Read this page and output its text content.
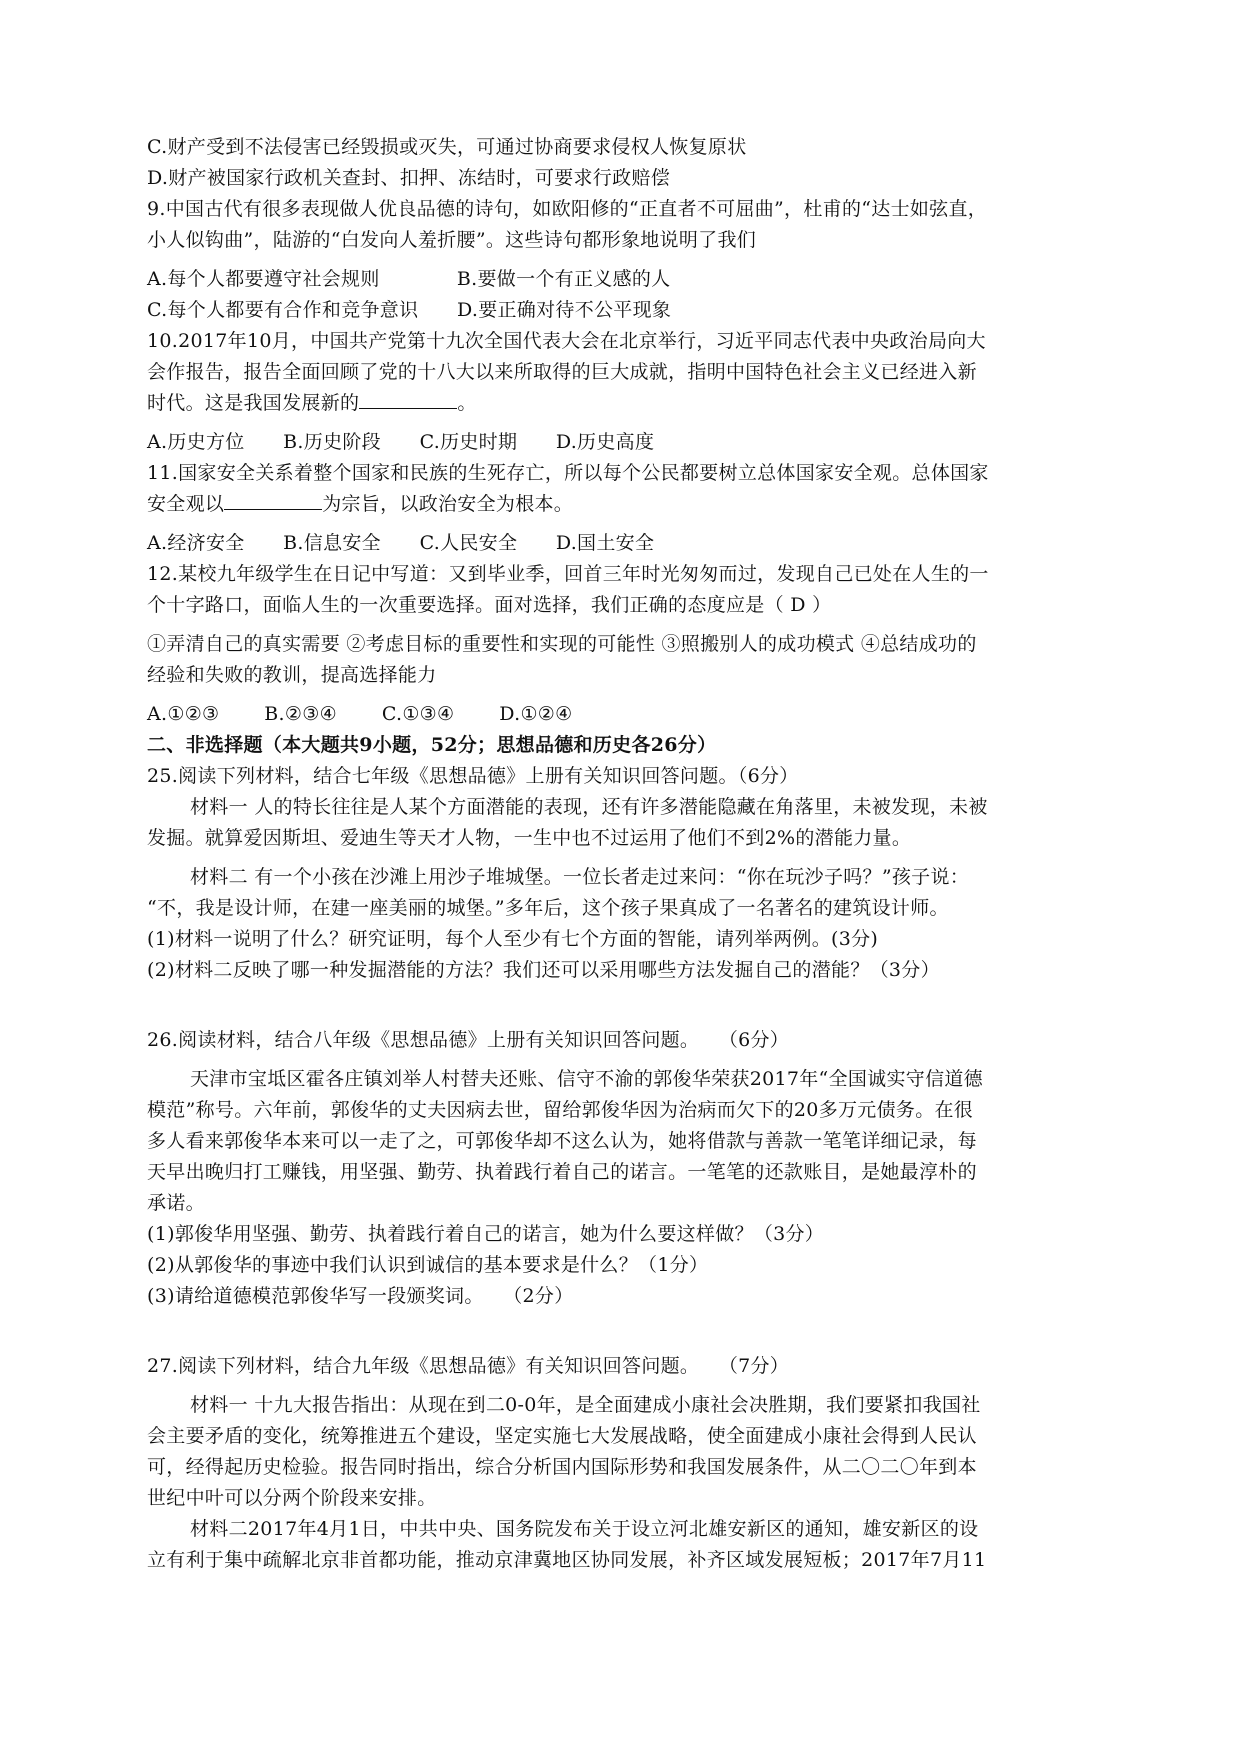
C.财产受到不法侵害已经毁损或灭失，可通过协商要求侵权人恢复原状
D.财产被国家行政机关查封、扣押、冻结时，可要求行政赔偿
9.中国古代有很多表现做人优良品德的诗句，如欧阳修的“正直者不可屈曲”，杜甫的“达士如弦直，
小人似钩曲”，陆游的“白发向人羞折腰”。这些诗句都形象地说明了我们
A.每个人都要遵守社会规则　　　　B.要做一个有正义感的人
C.每个人都要有合作和竞争意识　　D.要正确对待不公平现象
10.2017年10月，中国共产党第十九次全国代表大会在北京举行，习近平同志代表中央政治局向大
会作报告，报告全面回顾了党的十八大以来所取得的巨大成就，指明中国特色社会主义已经进入新
时代。这是我国发展新的	。
A.历史方位　　B.历史阶段　　C.历史时期　　D.历史高度
11.国家安全关系着整个国家和民族的生死存亡，所以每个公民都要树立总体国家安全观。总体国家
安全观以	为宗旨，以政治安全为根本。
A.经济安全　　B.信息安全　　C.人民安全　　D.国土安全
12.某校九年级学生在日记中写道：又到毕业季，回首三年时光匆匆而过，发现自己已处在人生的一
个十字路口，面临人生的一次重要选择。面对选择，我们正确的态度应是（ D ）
①弄清自己的真实需要 ②考虑目标的重要性和实现的可能性 ③照搬别人的成功模式 ④总结成功的
经验和失败的教训，提高选择能力
A.①②③　　 B.②③④　　 C.①③④　　 D.①②④
二、非选择题（本大题共9小题，52分；思想品德和历史各26分）
25.阅读下列材料，结合七年级《思想品德》上册有关知识回答问题。（6分）
材料一 人的特长往往是人某个方面潜能的表现，还有许多潜能隐藏在角落里，未被发现，未被
发掘。就算爱因斯坦、爱迪生等天才人物，一生中也不过运用了他们不到2%的潜能力量。
材料二 有一个小孩在沙滩上用沙子堆城堡。一位长者走过来问：“你在玩沙子吗？”孩子说：
“不，我是设计师，在建一座美丽的城堡。”多年后，这个孩子果真成了一名著名的建筑设计师。
(1)材料一说明了什么？研究证明，每个人至少有七个方面的智能，请列举两例。(3分)
(2)材料二反映了哪一种发掘潜能的方法？我们还可以采用哪些方法发掘自己的潜能？（3分）
26.阅读材料，结合八年级《思想品德》上册有关知识回答问题。　　（6分）
天津市宝坻区霍各庄镇刘举人村替夫还账、信守不渝的郭俊华荣获2017年“全国诚实守信道德
模范”称号。六年前，郭俊华的丈夫因病去世，留给郭俊华因为治病而欠下的20多万元债务。在很
多人看来郭俊华本来可以一走了之，可郭俊华却不这么认为，她将借款与善款一笔笔详细记录，每
天早出晚归打工赚钱，用坚强、勤劳、执着践行着自己的诺言。一笔笔的还款账目，是她最淳朴的
承诺。
(1)郭俊华用坚强、勤劳、执着践行着自己的诺言，她为什么要这样做？（3分）
(2)从郭俊华的事迹中我们认识到诚信的基本要求是什么？（1分）
(3)请给道德模范郭俊华写一段颁奖词。　　（2分）
27.阅读下列材料，结合九年级《思想品德》有关知识回答问题。　　（7分）
材料一 十九大报告指出：从现在到二0-0年，是全面建成小康社会决胜期，我们要紧扣我国社
会主要矛盾的变化，统筹推进五个建设，坚定实施七大发展战略，使全面建成小康社会得到人民认
可，经得起历史检验。报告同时指出，综合分析国内国际形势和我国发展条件，从二〇二〇年到本
世纪中叶可以分两个阶段来安排。
材料二2017年4月1日，中共中央、国务院发布关于设立河北雄安新区的通知，雄安新区的设
立有利于集中疏解北京非首都功能，推动京津冀地区协同发展，补齐区域发展短板；2017年7月11
